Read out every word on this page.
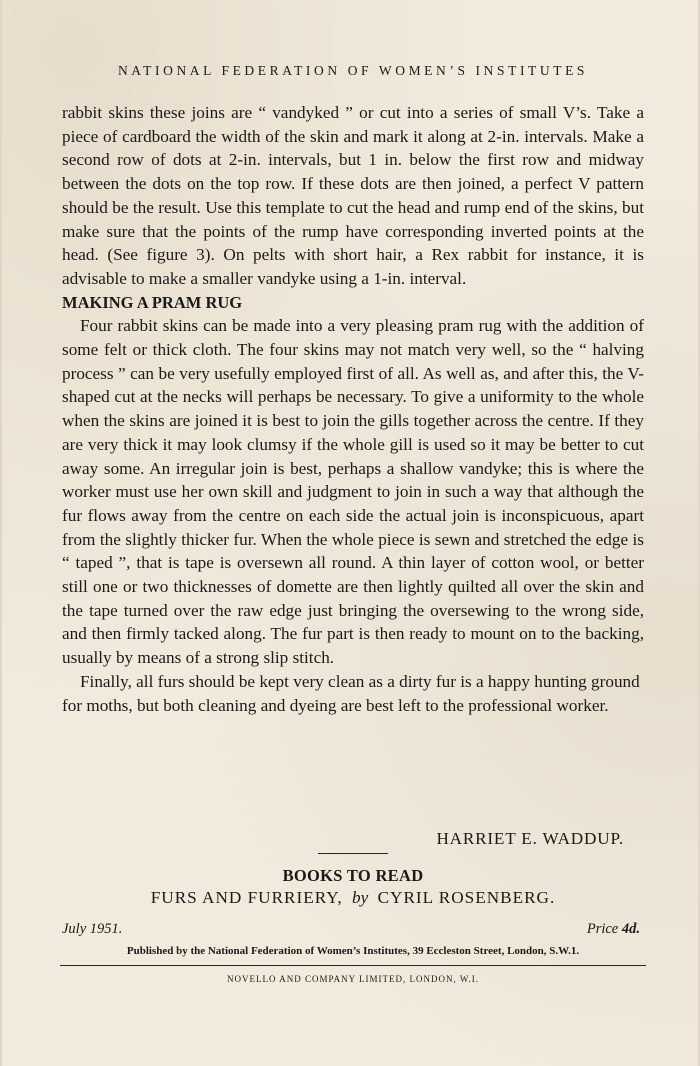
NATIONAL FEDERATION OF WOMEN’S INSTITUTES

rabbit skins these joins are “ vandyked ” or cut into a series of small V’s. Take a piece of cardboard the width of the skin and mark it along at 2-in. intervals. Make a second row of dots at 2-in. intervals, but 1 in. below the first row and midway between the dots on the top row. If these dots are then joined, a perfect V pattern should be the result. Use this template to cut the head and rump end of the skins, but make sure that the points of the rump have corresponding inverted points at the head. (See figure 3). On pelts with short hair, a Rex rabbit for instance, it is advisable to make a smaller vandyke using a 1-in. interval.

MAKING A PRAM RUG

Four rabbit skins can be made into a very pleasing pram rug with the addition of some felt or thick cloth. The four skins may not match very well, so the “ halving process ” can be very usefully employed first of all. As well as, and after this, the V-shaped cut at the necks will perhaps be necessary. To give a uniformity to the whole when the skins are joined it is best to join the gills together across the centre. If they are very thick it may look clumsy if the whole gill is used so it may be better to cut away some. An irregular join is best, perhaps a shallow vandyke; this is where the worker must use her own skill and judgment to join in such a way that although the fur flows away from the centre on each side the actual join is inconspicuous, apart from the slightly thicker fur. When the whole piece is sewn and stretched the edge is “ taped ”, that is tape is oversewn all round. A thin layer of cotton wool, or better still one or two thicknesses of domette are then lightly quilted all over the skin and the tape turned over the raw edge just bringing the oversewing to the wrong side, and then firmly tacked along. The fur part is then ready to mount on to the backing, usually by means of a strong slip stitch.

Finally, all furs should be kept very clean as a dirty fur is a happy hunting ground for moths, but both cleaning and dyeing are best left to the professional worker.

HARRIET E. WADDUP.
BOOKS TO READ
FURS AND FURRIERY, by CYRIL ROSENBERG.
July 1951.	Price 4d.
Published by the National Federation of Women’s Institutes, 39 Eccleston Street, London, S.W.1.
NOVELLO AND COMPANY LIMITED, LONDON, W.I.
